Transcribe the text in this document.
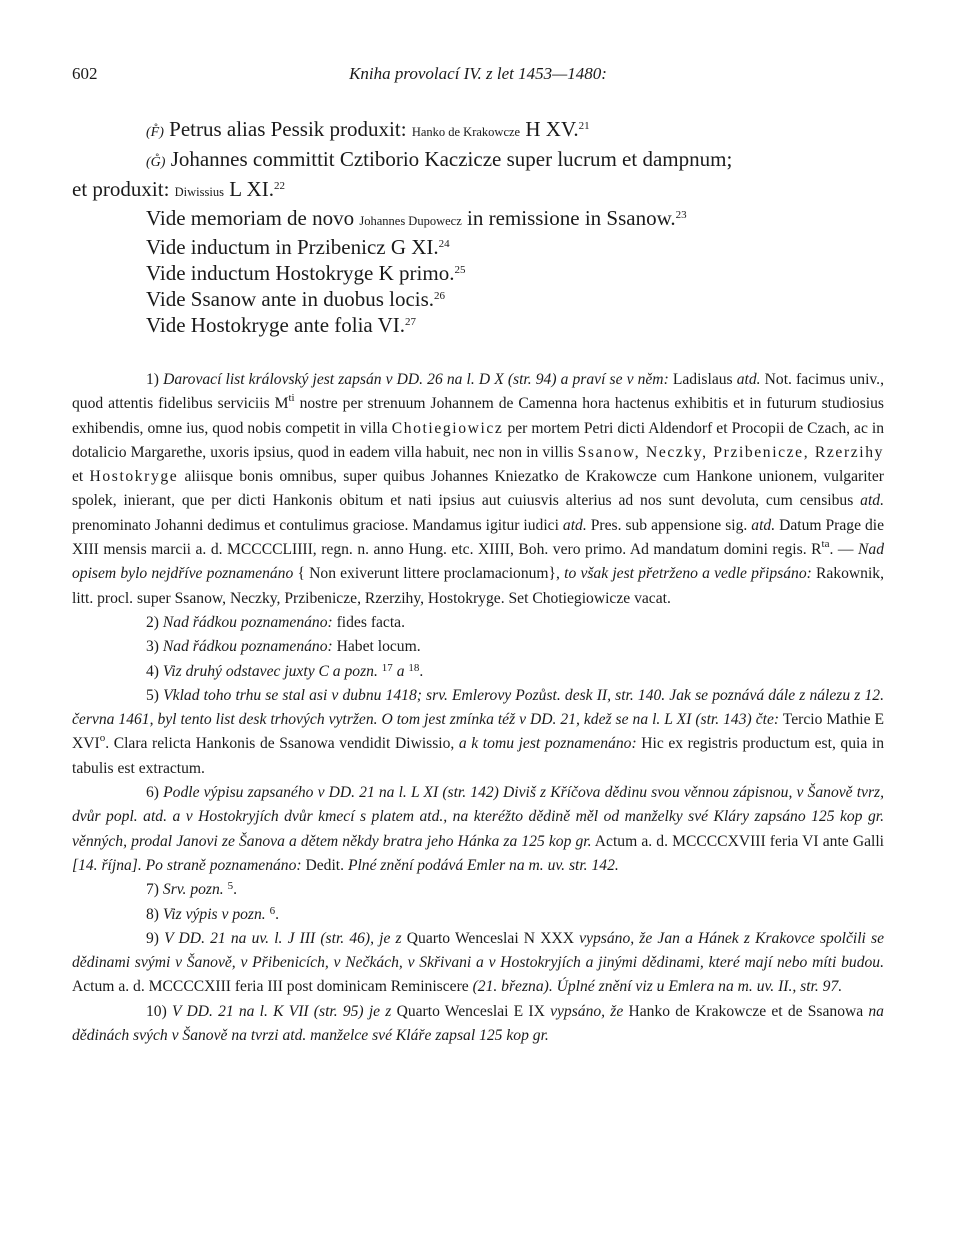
602	Kniha provolací IV. z let 1453—1480:

(F̊) Petrus alias Pessik produxit: Hanko de Krakowcze H XV.$^{21}$

(G̊) Johannes committit Cztiborio Kaczicze super lucrum et dampnum;

et produxit: Diwissius L XI.$^{22}$

Vide memoriam de novo Johannes Dupowecz in remissione in Ssanow.$^{23}$

Vide inductum in Przibenicz G XI.$^{24}$

Vide inductum Hostokryge K primo.$^{25}$

Vide Ssanow ante in duobus locis.$^{26}$

Vide Hostokryge ante folia VI.$^{27}$

1) Darovací list královský jest zapsán v DD. 26 na l. D X (str. 94) a praví se v něm: Ladislaus atd. Not. facimus univ., quod attentis fidelibus serviciis $M^{ti}$ nostre per strenuum Johannem de Camenna hora hactenus exhibitis et in futurum studiosius exhibendis, omne ius, quod nobis competit in villa Chotiegiowicz per mortem Petri dicti Aldendorf et Procopii de Czach, ac in dotalicio Margarethe, uxoris ipsius, quod in eadem villa habuit, nec non in villis Ssanow, Neczky, Przibenicze, Rzerzihy et Hostokryge aliisque bonis omnibus, super quibus Johannes Kniezatko de Krakowcze cum Hankone unionem, vulgariter spolek, inierant, que per dicti Hankonis obitum et nati ipsius aut cuiusvis alterius ad nos sunt devoluta, cum censibus atd. prenominato Johanni dedimus et contulimus graciose. Mandamus igitur iudici atd. Pres. sub appensione sig. atd. Datum Prage die XIII mensis marcii a. d. MCCCCLIIII, regn. n. anno Hung. etc. XIIII, Boh. vero primo. Ad mandatum domini regis. $R^{ta}$. — Nad opisem bylo nejdříve poznamenáno { Non exiverunt littere proclamacionum}, to však jest přetrženo a vedle připsáno: Rakownik, litt. procl. super Ssanow, Neczky, Przibenicze, Rzerzihy, Hostokryge. Set Chotiegiowicze vacat.

2) Nad řádkou poznamenáno: fides facta.

3) Nad řádkou poznamenáno: Habet locum.

4) Viz druhý odstavec juxty C a pozn. $^{17}$ a $^{18}$.

5) Vklad toho trhu se stal asi v dubnu 1418; srv. Emlerovy Pozůst. desk II, str. 140. Jak se poznává dále z nálezu z 12. června 1461, byl tento list desk trhových vytržen. O tom jest zmínka též v DD. 21, kdež se na l. L XI (str. 143) čte: Tercio Mathie E XVI$^o$. Clara relicta Hankonis de Ssanowa vendidit Diwissio, a k tomu jest poznamenáno: Hic ex registris productum est, quia in tabulis est extractum.

6) Podle výpisu zapsaného v DD. 21 na l. L XI (str. 142) Diviš z Kříčova dědinu svou věnnou zápisnou, v Šanově tvrz, dvůr popl. atd. a v Hostokryjích dvůr kmecí s platem atd., na kteréžto dědině měl od manželky své Kláry zapsáno 125 kop gr. věnných, prodal Janovi ze Šanova a dětem někdy bratra jeho Hánka za 125 kop gr. Actum a. d. MCCCCXVIII feria VI ante Galli [14. října]. Po straně poznamenáno: Dedit. Plné znění podává Emler na m. uv. str. 142.

7) Srv. pozn. $^5$.

8) Viz výpis v pozn. $^6$.

9) V DD. 21 na uv. l. J III (str. 46), je z Quarto Wenceslai N XXX vypsáno, že Jan a Hánek z Krakovce spolčili se dědinami svými v Šanově, v Přibenicích, v Nečkách, v Skřivani a v Hostokryjích a jinými dědinami, které mají nebo míti budou. Actum a. d. MCCCCXIII feria III post dominicam Reminiscere (21. března). Úplné znění viz u Emlera na m. uv. II., str. 97.

10) V DD. 21 na l. K VII (str. 95) je z Quarto Wenceslai E IX vypsáno, že Hanko de Krakowcze et de Ssanowa na dědinách svých v Šanově na tvrzi atd. manželce své Kláře zapsal 125 kop gr.
